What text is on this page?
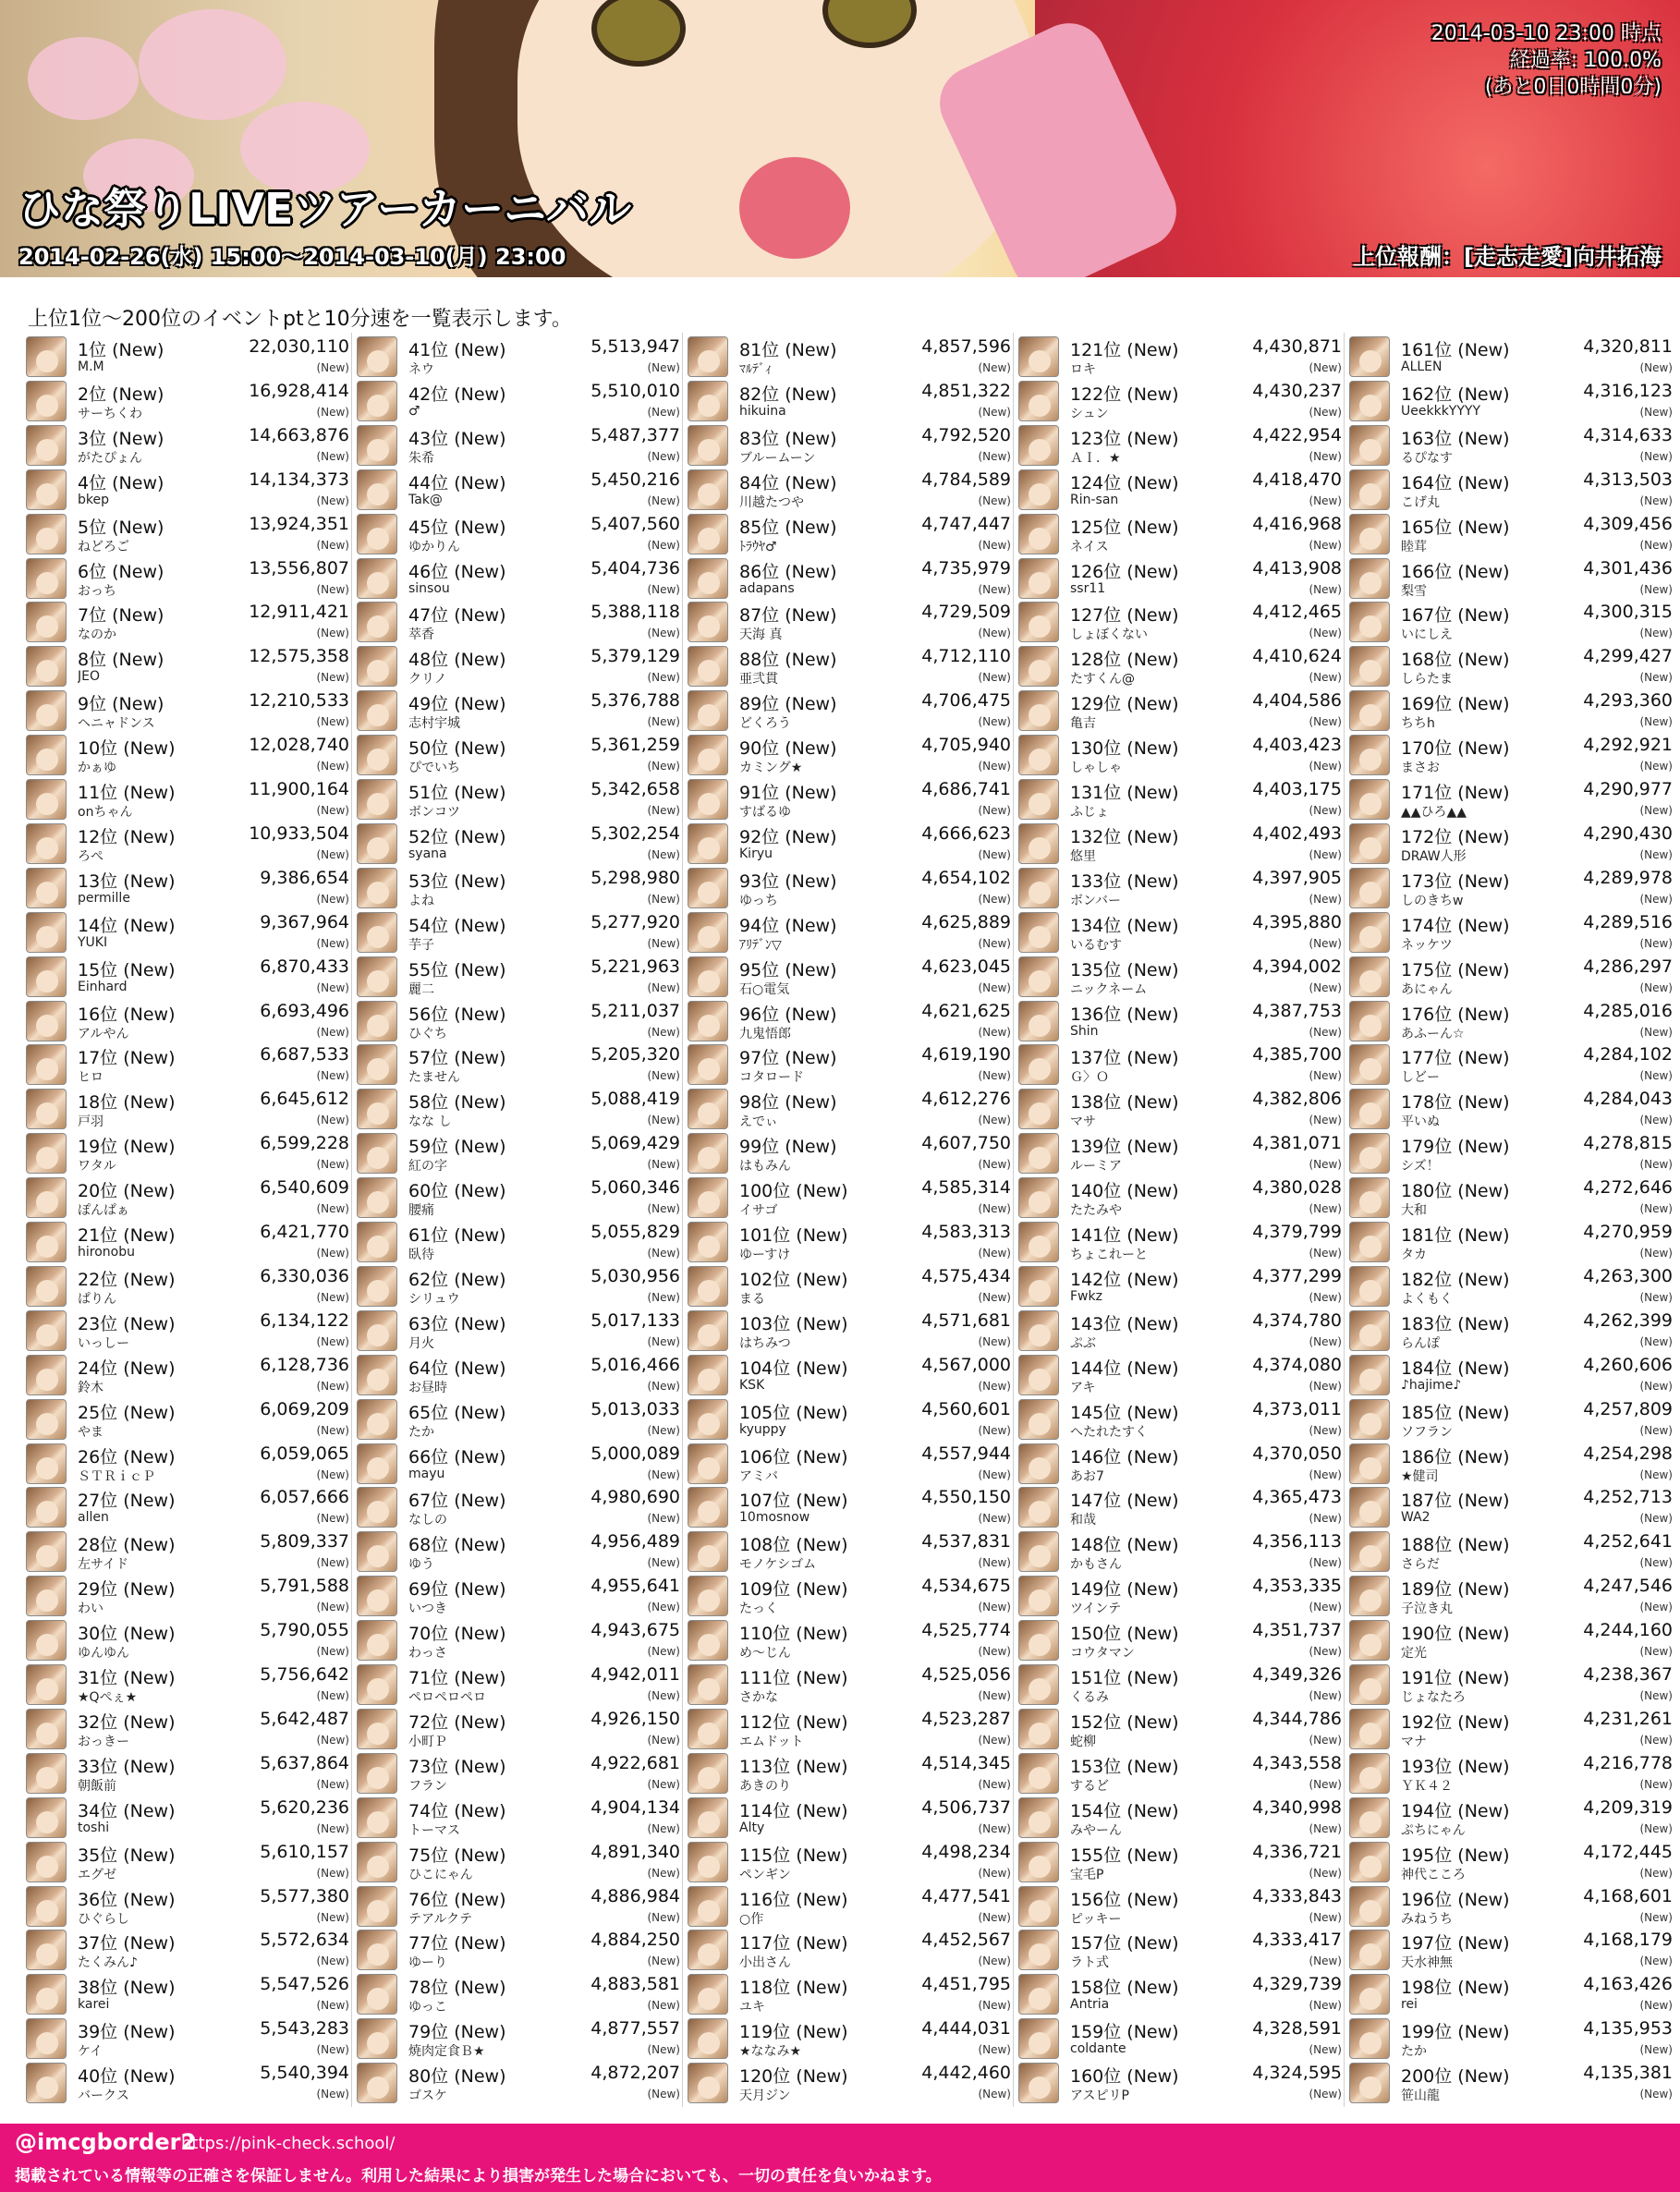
2014-03-10 23:00 時点
経過率: 100.0%
(あと0日0時間0分)
ひな祭りLIVEツアーカーニバル
2014-02-26(水) 15:00～2014-03-10(月) 23:00	上位報酬：[走志走愛]向井拓海
上位1位～200位のイベントptと10分速を一覧表示します。
1位 (New)	22,030,110
M.M	(New)
2位 (New)	16,928,414
サーちくわ	(New)
3位 (New)	14,663,876
がたぴょん	(New)
4位 (New)	14,134,373
bkep	(New)
5位 (New)	13,924,351
ねどろご	(New)
6位 (New)	13,556,807
おっち	(New)
7位 (New)	12,911,421
なのか	(New)
8位 (New)	12,575,358
JEO	(New)
9位 (New)	12,210,533
ヘニャドンス	(New)
10位 (New)	12,028,740
かぁゆ	(New)
11位 (New)	11,900,164
onちゃん	(New)
12位 (New)	10,933,504
ろぺ	(New)
13位 (New)	9,386,654
permille	(New)
14位 (New)	9,367,964
YUKI	(New)
15位 (New)	6,870,433
Einhard	(New)
16位 (New)	6,693,496
アルやん	(New)
17位 (New)	6,687,533
ヒロ	(New)
18位 (New)	6,645,612
戸羽	(New)
19位 (New)	6,599,228
ワタル	(New)
20位 (New)	6,540,609
ぽんぱぁ	(New)
21位 (New)	6,421,770
hironobu	(New)
22位 (New)	6,330,036
ぱりん	(New)
23位 (New)	6,134,122
いっしー	(New)
24位 (New)	6,128,736
鈴木	(New)
25位 (New)	6,069,209
やま	(New)
26位 (New)	6,059,065
ＳＴＲｉｃＰ	(New)
27位 (New)	6,057,666
allen	(New)
28位 (New)	5,809,337
左サイド	(New)
29位 (New)	5,791,588
わい	(New)
30位 (New)	5,790,055
ゆんゆん	(New)
31位 (New)	5,756,642
★Qぺぇ★	(New)
32位 (New)	5,642,487
おっきー	(New)
33位 (New)	5,637,864
朝飯前	(New)
34位 (New)	5,620,236
toshi	(New)
35位 (New)	5,610,157
エグゼ	(New)
36位 (New)	5,577,380
ひぐらし	(New)
37位 (New)	5,572,634
たくみん♪	(New)
38位 (New)	5,547,526
karei	(New)
39位 (New)	5,543,283
ケイ	(New)
40位 (New)	5,540,394
バークス	(New)
41位 (New)	5,513,947
ネウ	(New)
42位 (New)	5,510,010
♂	(New)
43位 (New)	5,487,377
朱希	(New)
44位 (New)	5,450,216
Tak@	(New)
45位 (New)	5,407,560
ゆかりん	(New)
46位 (New)	5,404,736
sinsou	(New)
47位 (New)	5,388,118
萃香	(New)
48位 (New)	5,379,129
クリノ	(New)
49位 (New)	5,376,788
志村宇城	(New)
50位 (New)	5,361,259
ぴでいち	(New)
51位 (New)	5,342,658
ボンコツ	(New)
52位 (New)	5,302,254
syana	(New)
53位 (New)	5,298,980
よね	(New)
54位 (New)	5,277,920
芋子	(New)
55位 (New)	5,221,963
麗二	(New)
56位 (New)	5,211,037
ひぐち	(New)
57位 (New)	5,205,320
たません	(New)
58位 (New)	5,088,419
なな し	(New)
59位 (New)	5,069,429
紅の字	(New)
60位 (New)	5,060,346
腰痛	(New)
61位 (New)	5,055,829
臥待	(New)
62位 (New)	5,030,956
シリュウ	(New)
63位 (New)	5,017,133
月火	(New)
64位 (New)	5,016,466
お昼時	(New)
65位 (New)	5,013,033
たか	(New)
66位 (New)	5,000,089
mayu	(New)
67位 (New)	4,980,690
なしの	(New)
68位 (New)	4,956,489
ゆう	(New)
69位 (New)	4,955,641
いつき	(New)
70位 (New)	4,943,675
わっさ	(New)
71位 (New)	4,942,011
ペロペロペロ	(New)
72位 (New)	4,926,150
小町Ｐ	(New)
73位 (New)	4,922,681
フラン	(New)
74位 (New)	4,904,134
トーマス	(New)
75位 (New)	4,891,340
ひこにゃん	(New)
76位 (New)	4,886,984
テアルクテ	(New)
77位 (New)	4,884,250
ゆーり	(New)
78位 (New)	4,883,581
ゆっこ	(New)
79位 (New)	4,877,557
焼肉定食Ｂ★	(New)
80位 (New)	4,872,207
ゴスケ	(New)
81位 (New)	4,857,596
ﾏﾙﾃﾞｨ	(New)
82位 (New)	4,851,322
hikuina	(New)
83位 (New)	4,792,520
ブルームーン	(New)
84位 (New)	4,784,589
川越たつや	(New)
85位 (New)	4,747,447
ﾄﾗｳﾔ♂	(New)
86位 (New)	4,735,979
adapans	(New)
87位 (New)	4,729,509
天海 真	(New)
88位 (New)	4,712,110
亜弐貫	(New)
89位 (New)	4,706,475
どくろう	(New)
90位 (New)	4,705,940
カミング★	(New)
91位 (New)	4,686,741
すばるゆ	(New)
92位 (New)	4,666,623
Kiryu	(New)
93位 (New)	4,654,102
ゆっち	(New)
94位 (New)	4,625,889
ｱﾘﾃﾞﾝ▽	(New)
95位 (New)	4,623,045
石○電気	(New)
96位 (New)	4,621,625
九鬼悟郎	(New)
97位 (New)	4,619,190
コタロード	(New)
98位 (New)	4,612,276
えでぃ	(New)
99位 (New)	4,607,750
はもみん	(New)
100位 (New)	4,585,314
イサゴ	(New)
101位 (New)	4,583,313
ゆーすけ	(New)
102位 (New)	4,575,434
まる	(New)
103位 (New)	4,571,681
はちみつ	(New)
104位 (New)	4,567,000
KSK	(New)
105位 (New)	4,560,601
kyuppy	(New)
106位 (New)	4,557,944
アミバ	(New)
107位 (New)	4,550,150
10mosnow	(New)
108位 (New)	4,537,831
モノケシゴム	(New)
109位 (New)	4,534,675
たっく	(New)
110位 (New)	4,525,774
め～じん	(New)
111位 (New)	4,525,056
さかな	(New)
112位 (New)	4,523,287
エムドット	(New)
113位 (New)	4,514,345
あきのり	(New)
114位 (New)	4,506,737
Alty	(New)
115位 (New)	4,498,234
ペンギン	(New)
116位 (New)	4,477,541
○作	(New)
117位 (New)	4,452,567
小出さん	(New)
118位 (New)	4,451,795
ユキ	(New)
119位 (New)	4,444,031
★ななみ★	(New)
120位 (New)	4,442,460
天月ジン	(New)
121位 (New)	4,430,871
ロキ	(New)
122位 (New)	4,430,237
シュン	(New)
123位 (New)	4,422,954
ＡＩ．★	(New)
124位 (New)	4,418,470
Rin-san	(New)
125位 (New)	4,416,968
ネイス	(New)
126位 (New)	4,413,908
ssr11	(New)
127位 (New)	4,412,465
しょぼくない	(New)
128位 (New)	4,410,624
たすくん@	(New)
129位 (New)	4,404,586
亀吉	(New)
130位 (New)	4,403,423
しゃしゃ	(New)
131位 (New)	4,403,175
ふじょ	(New)
132位 (New)	4,402,493
悠里	(New)
133位 (New)	4,397,905
ボンバー	(New)
134位 (New)	4,395,880
いるむす	(New)
135位 (New)	4,394,002
ニックネーム	(New)
136位 (New)	4,387,753
Shin	(New)
137位 (New)	4,385,700
Ｇ〉Ｏ	(New)
138位 (New)	4,382,806
マサ	(New)
139位 (New)	4,381,071
ルーミア	(New)
140位 (New)	4,380,028
たたみや	(New)
141位 (New)	4,379,799
ちょこれーと	(New)
142位 (New)	4,377,299
Fwkz	(New)
143位 (New)	4,374,780
ぷぶ	(New)
144位 (New)	4,374,080
アキ	(New)
145位 (New)	4,373,011
へたれたすく	(New)
146位 (New)	4,370,050
あお7	(New)
147位 (New)	4,365,473
和哉	(New)
148位 (New)	4,356,113
かもさん	(New)
149位 (New)	4,353,335
ツインテ	(New)
150位 (New)	4,351,737
コウタマン	(New)
151位 (New)	4,349,326
くるみ	(New)
152位 (New)	4,344,786
蛇柳	(New)
153位 (New)	4,343,558
するど	(New)
154位 (New)	4,340,998
みやーん	(New)
155位 (New)	4,336,721
宝毛P	(New)
156位 (New)	4,333,843
ピッキー	(New)
157位 (New)	4,333,417
ラト式	(New)
158位 (New)	4,329,739
Antria	(New)
159位 (New)	4,328,591
coldante	(New)
160位 (New)	4,324,595
アスピリP	(New)
161位 (New)	4,320,811
ALLEN	(New)
162位 (New)	4,316,123
UeekkkYYYY	(New)
163位 (New)	4,314,633
るぴなす	(New)
164位 (New)	4,313,503
こげ丸	(New)
165位 (New)	4,309,456
睦茸	(New)
166位 (New)	4,301,436
梨雪	(New)
167位 (New)	4,300,315
いにしえ	(New)
168位 (New)	4,299,427
しらたま	(New)
169位 (New)	4,293,360
ちちh	(New)
170位 (New)	4,292,921
まさお	(New)
171位 (New)	4,290,977
▲▲ひろ▲▲	(New)
172位 (New)	4,290,430
DRAW人形	(New)
173位 (New)	4,289,978
しのきちw	(New)
174位 (New)	4,289,516
ネッケツ	(New)
175位 (New)	4,286,297
あにゃん	(New)
176位 (New)	4,285,016
あふーん☆	(New)
177位 (New)	4,284,102
しどー	(New)
178位 (New)	4,284,043
平いぬ	(New)
179位 (New)	4,278,815
シズ！	(New)
180位 (New)	4,272,646
大和	(New)
181位 (New)	4,270,959
タカ	(New)
182位 (New)	4,263,300
よくもく	(New)
183位 (New)	4,262,399
らんぽ	(New)
184位 (New)	4,260,606
♪hajime♪	(New)
185位 (New)	4,257,809
ソフラン	(New)
186位 (New)	4,254,298
★健司	(New)
187位 (New)	4,252,713
WA2	(New)
188位 (New)	4,252,641
さらだ	(New)
189位 (New)	4,247,546
子泣き丸	(New)
190位 (New)	4,244,160
定光	(New)
191位 (New)	4,238,367
じょなたろ	(New)
192位 (New)	4,231,261
マナ	(New)
193位 (New)	4,216,778
ＹＫ４２	(New)
194位 (New)	4,209,319
ぷちにゃん	(New)
195位 (New)	4,172,445
神代こころ	(New)
196位 (New)	4,168,601
みねうち	(New)
197位 (New)	4,168,179
天水神無	(New)
198位 (New)	4,163,426
rei	(New)
199位 (New)	4,135,953
たか	(New)
200位 (New)	4,135,381
笹山龍	(New)
@imcgborder2
https://pink-check.school/
掲載されている情報等の正確さを保証しません。利用した結果により損害が発生した場合においても、一切の責任を負いかねます。
